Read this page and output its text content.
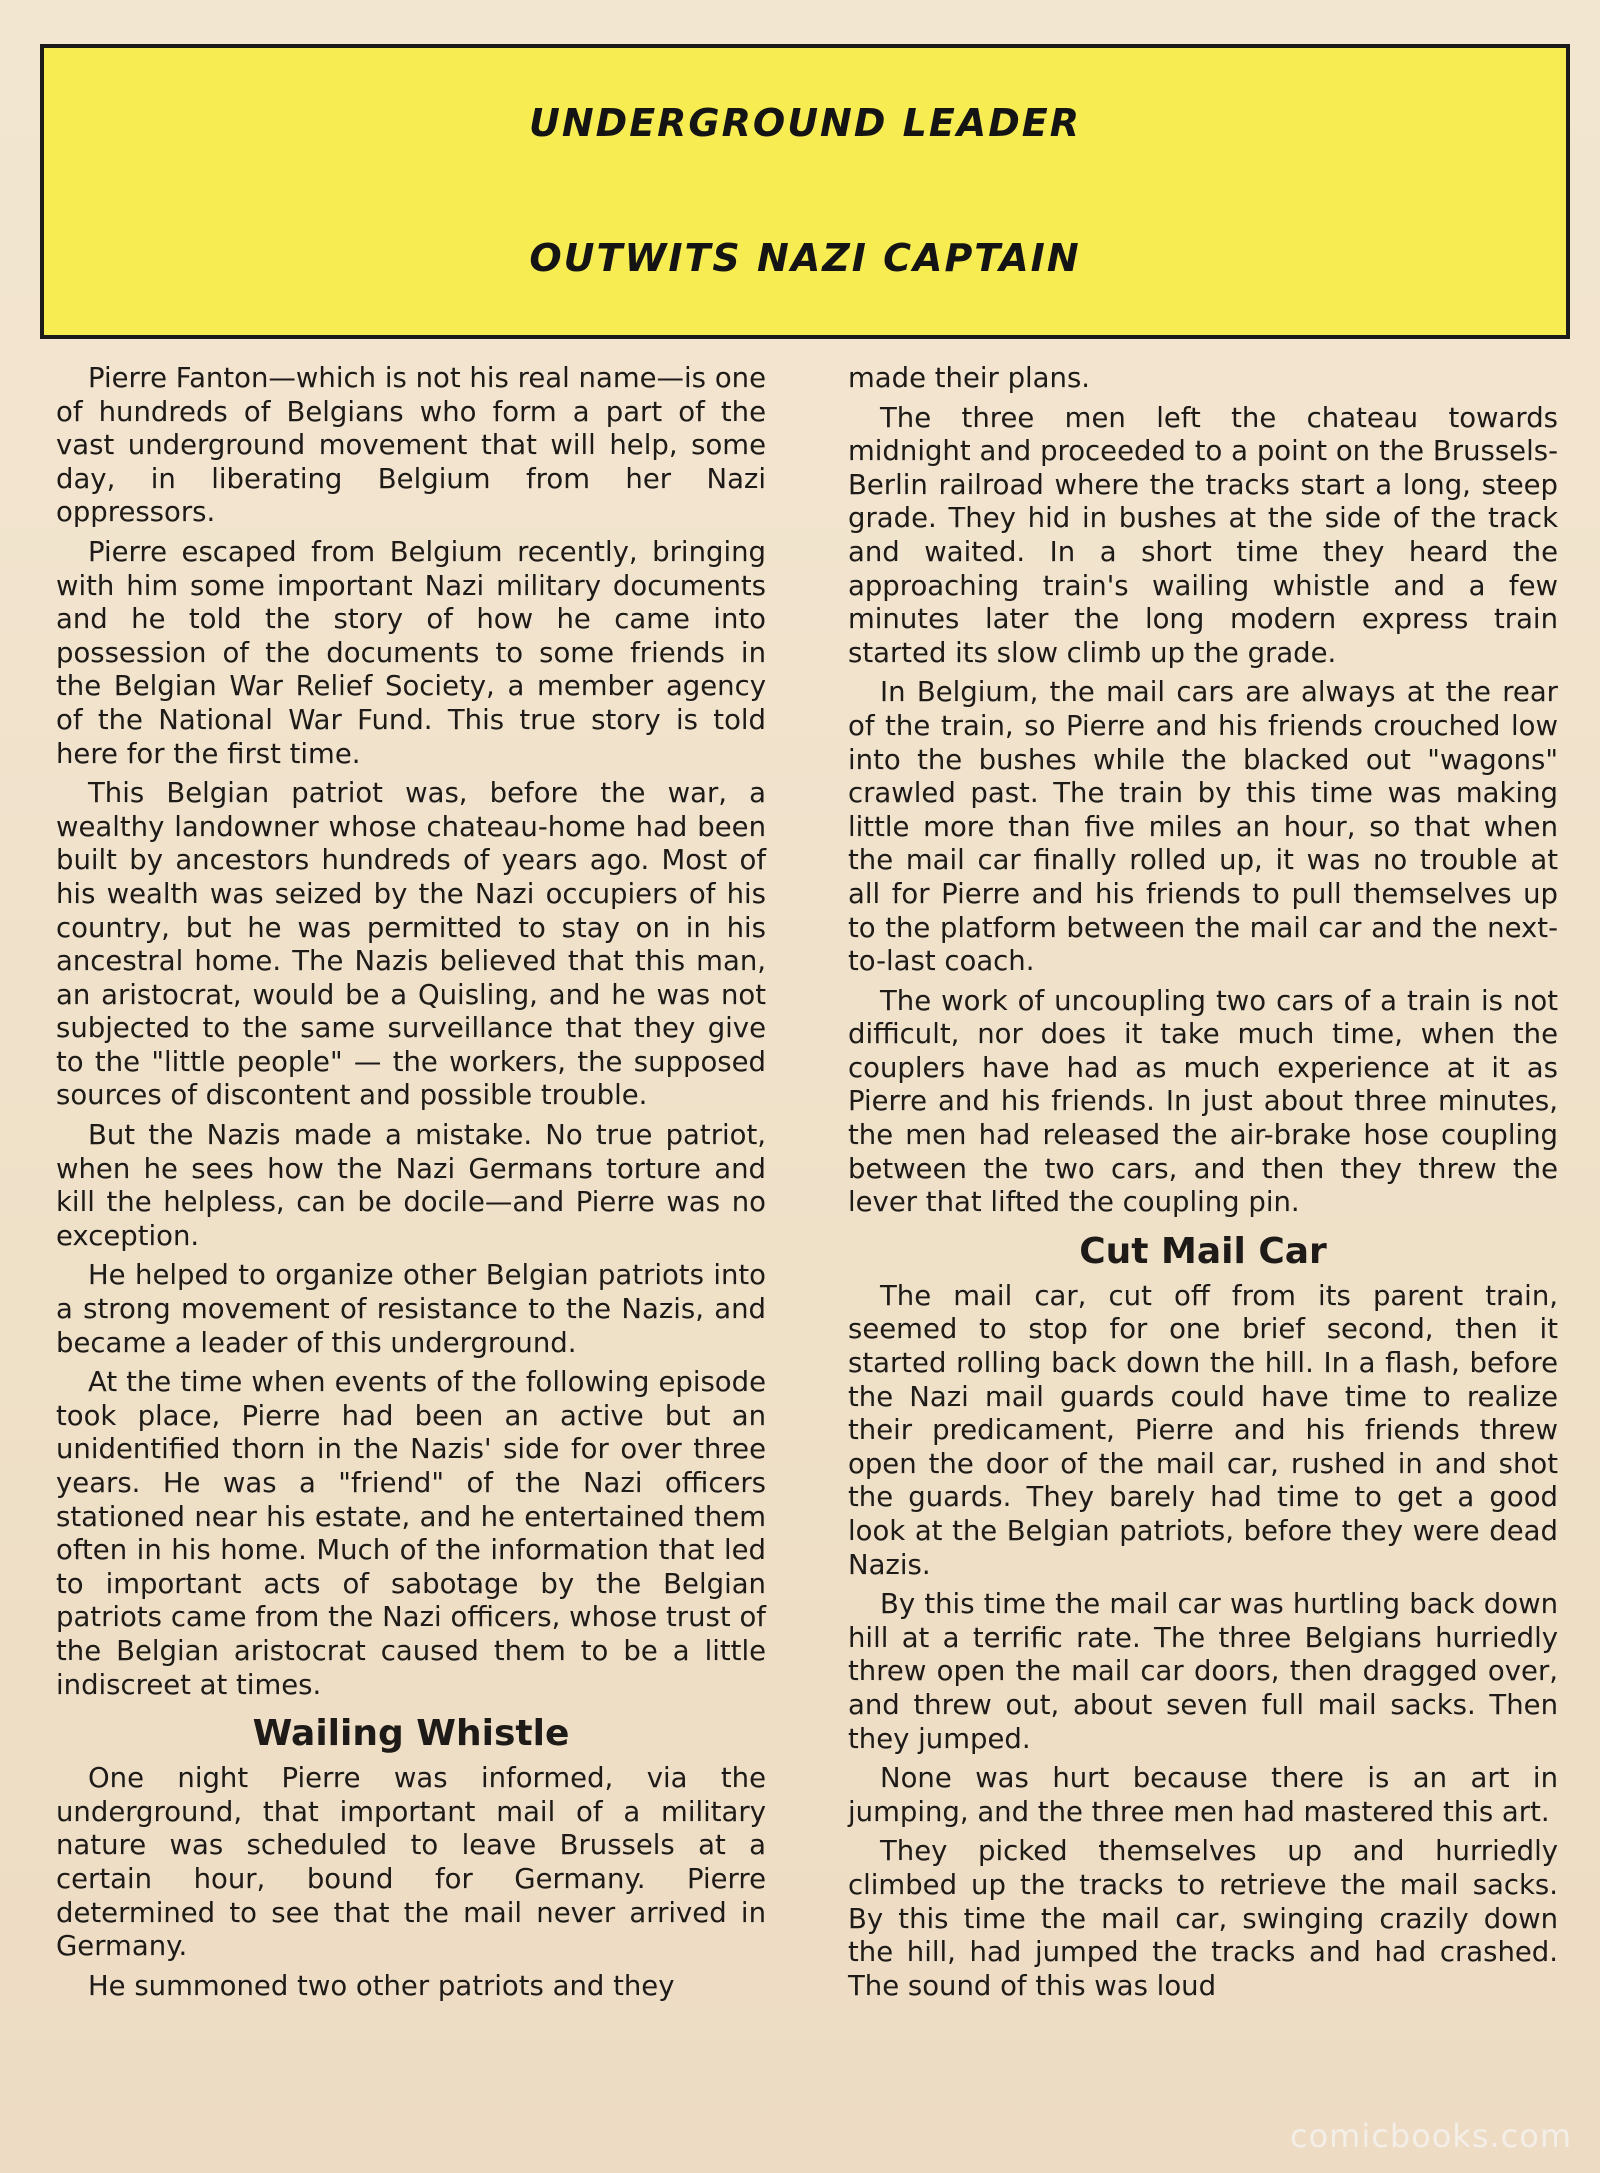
UNDERGROUND LEADER
OUTWITS NAZI CAPTAIN

Pierre Fanton—which is not his real name—is one of hundreds of Belgians who form a part of the vast underground movement that will help, some day, in liberating Belgium from her Nazi oppressors.

Pierre escaped from Belgium recently, bringing with him some important Nazi military documents and he told the story of how he came into possession of the documents to some friends in the Belgian War Relief Society, a member agency of the National War Fund. This true story is told here for the first time.

This Belgian patriot was, before the war, a wealthy landowner whose chateau-home had been built by ancestors hundreds of years ago. Most of his wealth was seized by the Nazi occupiers of his country, but he was permitted to stay on in his ancestral home. The Nazis believed that this man, an aristocrat, would be a Quisling, and he was not subjected to the same surveillance that they give to the "little people" — the workers, the supposed sources of discontent and possible trouble.

But the Nazis made a mistake. No true patriot, when he sees how the Nazi Germans torture and kill the helpless, can be docile—and Pierre was no exception.

He helped to organize other Belgian patriots into a strong movement of resistance to the Nazis, and became a leader of this underground.

At the time when events of the following episode took place, Pierre had been an active but an unidentified thorn in the Nazis' side for over three years. He was a "friend" of the Nazi officers stationed near his estate, and he entertained them often in his home. Much of the information that led to important acts of sabotage by the Belgian patriots came from the Nazi officers, whose trust of the Belgian aristocrat caused them to be a little indiscreet at times.

Wailing Whistle

One night Pierre was informed, via the underground, that important mail of a military nature was scheduled to leave Brussels at a certain hour, bound for Germany. Pierre determined to see that the mail never arrived in Germany.

He summoned two other patriots and they

made their plans.

The three men left the chateau towards midnight and proceeded to a point on the Brussels-Berlin railroad where the tracks start a long, steep grade. They hid in bushes at the side of the track and waited. In a short time they heard the approaching train's wailing whistle and a few minutes later the long modern express train started its slow climb up the grade.

In Belgium, the mail cars are always at the rear of the train, so Pierre and his friends crouched low into the bushes while the blacked out "wagons" crawled past. The train by this time was making little more than five miles an hour, so that when the mail car finally rolled up, it was no trouble at all for Pierre and his friends to pull themselves up to the platform between the mail car and the next-to-last coach.

The work of uncoupling two cars of a train is not difficult, nor does it take much time, when the couplers have had as much experience at it as Pierre and his friends. In just about three minutes, the men had released the air-brake hose coupling between the two cars, and then they threw the lever that lifted the coupling pin.

Cut Mail Car

The mail car, cut off from its parent train, seemed to stop for one brief second, then it started rolling back down the hill. In a flash, before the Nazi mail guards could have time to realize their predicament, Pierre and his friends threw open the door of the mail car, rushed in and shot the guards. They barely had time to get a good look at the Belgian patriots, before they were dead Nazis.

By this time the mail car was hurtling back down hill at a terrific rate. The three Belgians hurriedly threw open the mail car doors, then dragged over, and threw out, about seven full mail sacks. Then they jumped.

None was hurt because there is an art in jumping, and the three men had mastered this art.

They picked themselves up and hurriedly climbed up the tracks to retrieve the mail sacks. By this time the mail car, swinging crazily down the hill, had jumped the tracks and had crashed. The sound of this was loud

comicbooks.com
